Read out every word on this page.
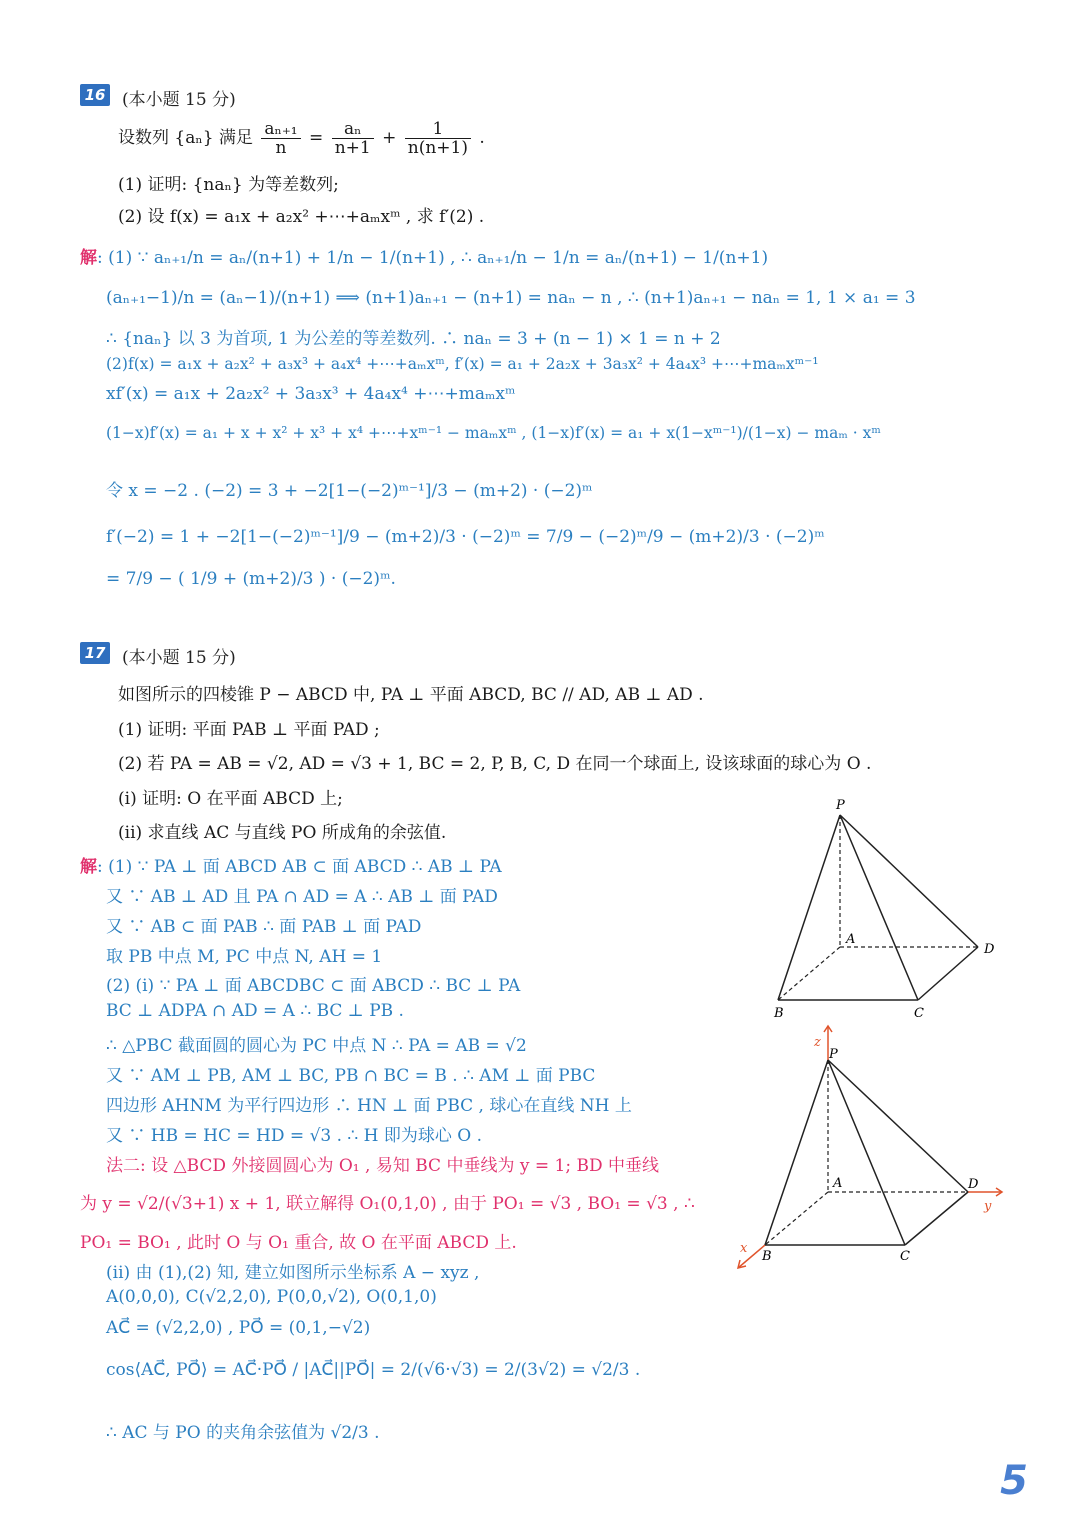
16 (本小题 15 分)
设数列 {aₙ} 满足 $\frac{\text{aₙ₊₁}}{n} = \frac{\text{aₙ}}{n+1} + \frac{1}{n(n+1)}$ .
(1) 证明: {naₙ} 为等差数列;
(2) 设 f(x) = a₁x + a₂x² +⋯+aₘxᵐ , 求 f′(2) .
解: (1) ∵ aₙ₊₁/n = aₙ/(n+1) + 1/n − 1/(n+1) , ∴ aₙ₊₁/n − 1/n = aₙ/(n+1) − 1/(n+1)
(aₙ₊₁−1)/n = (aₙ−1)/(n+1) ⟹ (n+1)aₙ₊₁ − (n+1) = naₙ − n , ∴ (n+1)aₙ₊₁ − naₙ = 1, 1 × a₁ = 3
∴ {naₙ} 以 3 为首项, 1 为公差的等差数列. ∴ naₙ = 3 + (n − 1) × 1 = n + 2
(2)f(x) = a₁x + a₂x² + a₃x³ + a₄x⁴ +⋯+aₘxᵐ, f′(x) = a₁ + 2a₂x + 3a₃x² + 4a₄x³ +⋯+maₘxᵐ⁻¹
xf′(x) = a₁x + 2a₂x² + 3a₃x³ + 4a₄x⁴ +⋯+maₘxᵐ
(1−x)f′(x) = a₁ + x + x² + x³ + x⁴ +⋯+xᵐ⁻¹ − maₘxᵐ , (1−x)f′(x) = a₁ + x(1−xᵐ⁻¹)/(1−x) − maₘ · xᵐ
令 x = −2 . (−2) = 3 + −2[1−(−2)ᵐ⁻¹]/3 − (m+2) · (−2)ᵐ
f′(−2) = 1 + −2[1−(−2)ᵐ⁻¹]/9 − (m+2)/3 · (−2)ᵐ = 7/9 − (−2)ᵐ/9 − (m+2)/3 · (−2)ᵐ
= 7/9 − ( 1/9 + (m+2)/3 ) · (−2)ᵐ.
17 (本小题 15 分)
如图所示的四棱锥 P − ABCD 中, PA ⊥ 平面 ABCD, BC // AD, AB ⊥ AD .
(1) 证明: 平面 PAB ⊥ 平面 PAD ;
(2) 若 PA = AB = √2, AD = √3 + 1, BC = 2, P, B, C, D 在同一个球面上, 设该球面的球心为 O .
(i) 证明: O 在平面 ABCD 上;
(ii) 求直线 AC 与直线 PO 所成角的余弦值.
解: (1) ∵ PA ⊥ 面 ABCD AB ⊂ 面 ABCD ∴ AB ⊥ PA
又 ∵ AB ⊥ AD 且 PA ∩ AD = A ∴ AB ⊥ 面 PAD
又 ∵ AB ⊂ 面 PAB ∴ 面 PAB ⊥ 面 PAD
取 PB 中点 M, PC 中点 N, AH = 1
(2) (i) ∵ PA ⊥ 面 ABCDBC ⊂ 面 ABCD ∴ BC ⊥ PA
BC ⊥ ADPA ∩ AD = A ∴ BC ⊥ PB .
∴ △PBC 截面圆的圆心为 PC 中点 N ∴ PA = AB = √2
又 ∵ AM ⊥ PB, AM ⊥ BC, PB ∩ BC = B . ∴ AM ⊥ 面 PBC
四边形 AHNM 为平行四边形 ∴ HN ⊥ 面 PBC , 球心在直线 NH 上
又 ∵ HB = HC = HD = √3 . ∴ H 即为球心 O .
法二: 设 △BCD 外接圆圆心为 O₁ , 易知 BC 中垂线为 y = 1; BD 中垂线
为 y = √2/(√3+1) x + 1, 联立解得 O₁(0,1,0) , 由于 PO₁ = √3 , BO₁ = √3 , ∴
PO₁ = BO₁ , 此时 O 与 O₁ 重合, 故 O 在平面 ABCD 上.
(ii) 由 (1),(2) 知, 建立如图所示坐标系 A − xyz ,
A(0,0,0), C(√2,2,0), P(0,0,√2), O(0,1,0)
AC⃗ = (√2,2,0) , PO⃗ = (0,1,−√2)
cos⟨AC⃗, PO⃗⟩ = AC⃗·PO⃗ / |AC⃗||PO⃗| = 2/(√6·√3) = 2/(3√2) = √2/3 .
∴ AC 与 PO 的夹角余弦值为 √2/3 .
P
A
B	C
D
z
P
A	D
y
B	C
x
5
